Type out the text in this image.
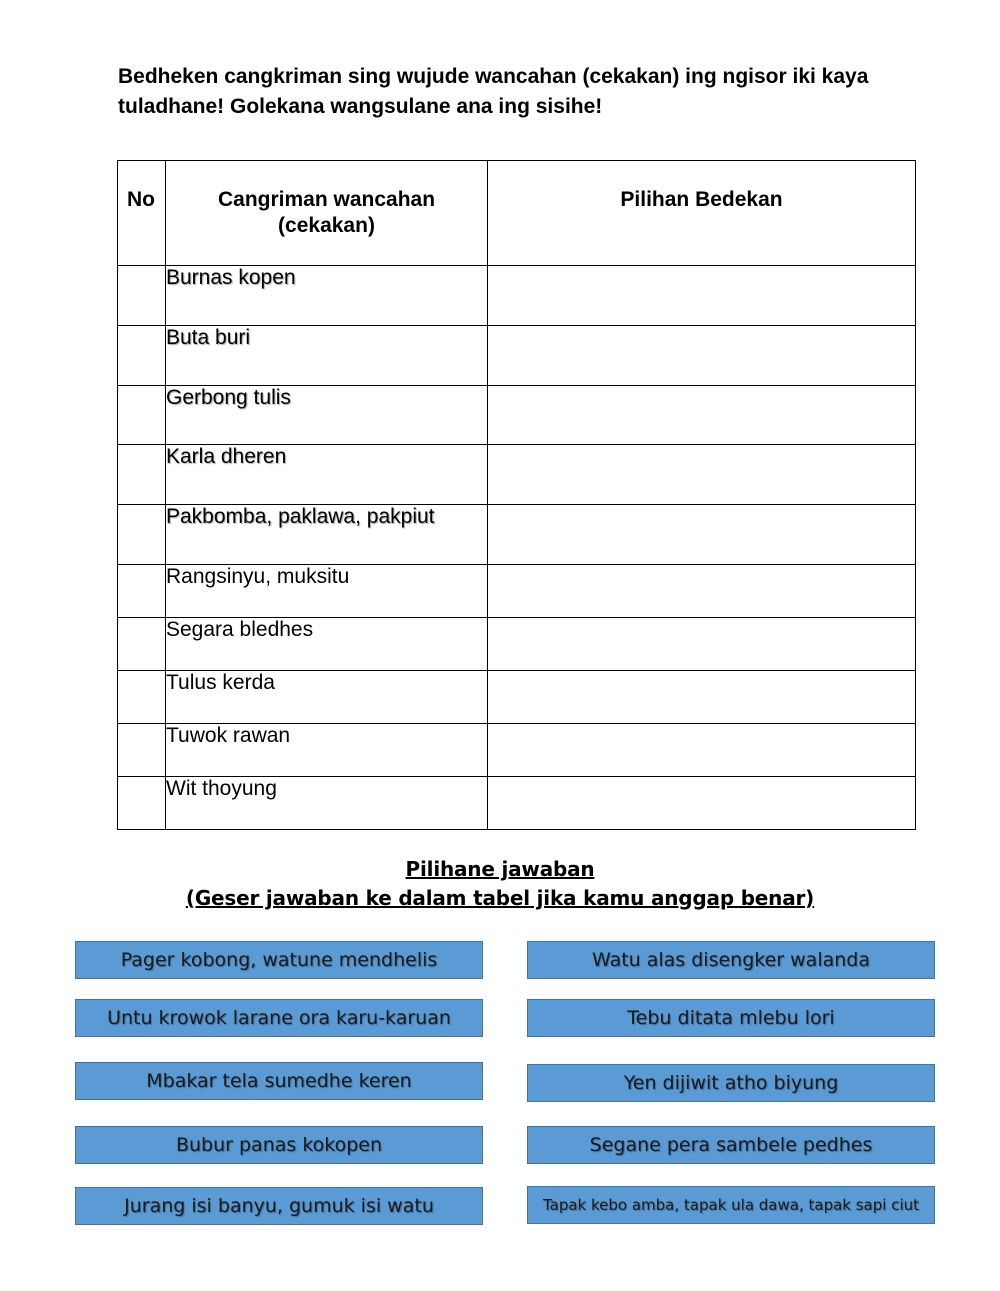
Bedheken cangkriman sing wujude wancahan (cekakan) ing ngisor iki kaya tuladhane! Golekana wangsulane ana ing sisihe!

No	Cangriman wancahan (cekakan)	Pilihan Bedekan
	Burnas kopen	
	Buta buri	
	Gerbong tulis	
	Karla dheren	
	Pakbomba, paklawa, pakpiut	
	Rangsinyu, muksitu	
	Segara bledhes	
	Tulus kerda	
	Tuwok rawan	
	Wit thoyung	
Pilihane jawaban
(Geser jawaban ke dalam tabel jika kamu anggap benar)
Pager kobong, watune mendhelis
Untu krowok larane ora karu-karuan
Mbakar tela sumedhe keren
Bubur panas kokopen
Jurang isi banyu, gumuk isi watu
Watu alas disengker walanda
Tebu ditata mlebu lori
Yen dijiwit atho biyung
Segane pera sambele pedhes
Tapak kebo amba, tapak ula dawa, tapak sapi ciut
